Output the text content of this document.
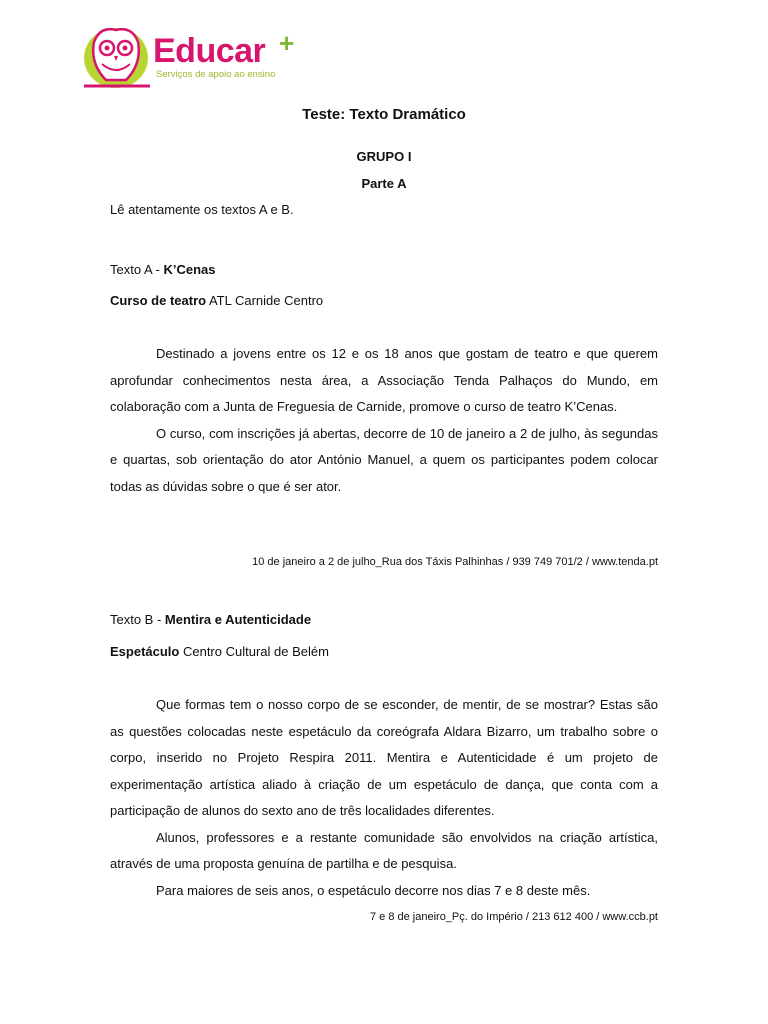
Educar +
Serviços de apoio ao ensino
Teste: Texto Dramático
GRUPO I
Parte A
Lê atentamente os textos A e B.
Texto A - K’Cenas
Curso de teatro ATL Carnide Centro

Destinado a jovens entre os 12 e os 18 anos que gostam de teatro e que querem aprofundar conhecimentos nesta área, a Associação Tenda Palhaços do Mundo, em colaboração com a Junta de Freguesia de Carnide, promove o curso de teatro K’Cenas.

O curso, com inscrições já abertas, decorre de 10 de janeiro a 2 de julho, às segundas e quartas, sob orientação do ator António Manuel, a quem os participantes podem colocar todas as dúvidas sobre o que é ser ator.

10 de janeiro a 2 de julho_Rua dos Táxis Palhinhas / 939 749 701/2 / www.tenda.pt
Texto B - Mentira e Autenticidade
Espetáculo Centro Cultural de Belém

Que formas tem o nosso corpo de se esconder, de mentir, de se mostrar? Estas são as questões colocadas neste espetáculo da coreógrafa Aldara Bizarro, um trabalho sobre o corpo, inserido no Projeto Respira 2011. Mentira e Autenticidade é um projeto de experimentação artística aliado à criação de um espetáculo de dança, que conta com a participação de alunos do sexto ano de três localidades diferentes.

Alunos, professores e a restante comunidade são envolvidos na criação artística, através de uma proposta genuína de partilha e de pesquisa.

Para maiores de seis anos, o espetáculo decorre nos dias 7 e 8 deste mês.

7 e 8 de janeiro_Pç. do Império / 213 612 400 / www.ccb.pt
